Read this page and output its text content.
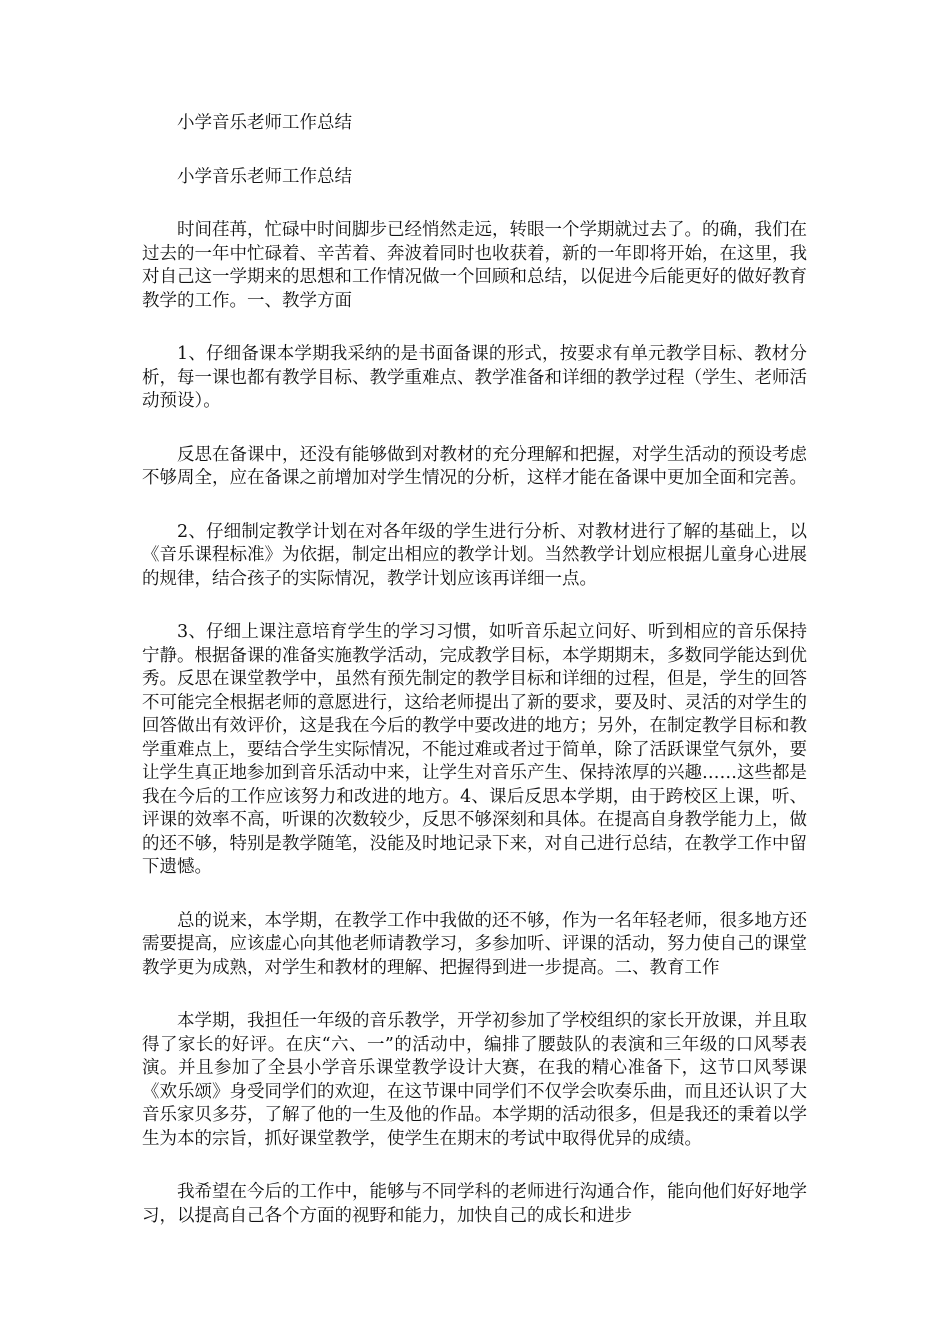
小学音乐老师工作总结

小学音乐老师工作总结

时间荏苒，忙碌中时间脚步已经悄然走远，转眼一个学期就过去了。的确，我们在过去的一年中忙碌着、辛苦着、奔波着同时也收获着，新的一年即将开始，在这里，我对自己这一学期来的思想和工作情况做一个回顾和总结，以促进今后能更好的做好教育教学的工作。一、教学方面

1、仔细备课本学期我采纳的是书面备课的形式，按要求有单元教学目标、教材分析，每一课也都有教学目标、教学重难点、教学准备和详细的教学过程（学生、老师活动预设）。

反思在备课中，还没有能够做到对教材的充分理解和把握，对学生活动的预设考虑不够周全，应在备课之前增加对学生情况的分析，这样才能在备课中更加全面和完善。

2、仔细制定教学计划在对各年级的学生进行分析、对教材进行了解的基础上，以《音乐课程标准》为依据，制定出相应的教学计划。当然教学计划应根据儿童身心进展的规律，结合孩子的实际情况，教学计划应该再详细一点。

3、仔细上课注意培育学生的学习习惯，如听音乐起立问好、听到相应的音乐保持宁静。根据备课的准备实施教学活动，完成教学目标，本学期期末，多数同学能达到优秀。反思在课堂教学中，虽然有预先制定的教学目标和详细的过程，但是，学生的回答不可能完全根据老师的意愿进行，这给老师提出了新的要求，要及时、灵活的对学生的回答做出有效评价，这是我在今后的教学中要改进的地方；另外，在制定教学目标和教学重难点上，要结合学生实际情况，不能过难或者过于简单，除了活跃课堂气氛外，要让学生真正地参加到音乐活动中来，让学生对音乐产生、保持浓厚的兴趣……这些都是我在今后的工作应该努力和改进的地方。4、课后反思本学期，由于跨校区上课，听、评课的效率不高，听课的次数较少，反思不够深刻和具体。在提高自身教学能力上，做的还不够，特别是教学随笔，没能及时地记录下来，对自己进行总结，在教学工作中留下遗憾。

总的说来，本学期，在教学工作中我做的还不够，作为一名年轻老师，很多地方还需要提高，应该虚心向其他老师请教学习，多参加听、评课的活动，努力使自己的课堂教学更为成熟，对学生和教材的理解、把握得到进一步提高。二、教育工作

本学期，我担任一年级的音乐教学，开学初参加了学校组织的家长开放课，并且取得了家长的好评。在庆“六、一”的活动中，编排了腰鼓队的表演和三年级的口风琴表演。并且参加了全县小学音乐课堂教学设计大赛，在我的精心准备下，这节口风琴课《欢乐颂》身受同学们的欢迎，在这节课中同学们不仅学会吹奏乐曲，而且还认识了大音乐家贝多芬，了解了他的一生及他的作品。本学期的活动很多，但是我还的秉着以学生为本的宗旨，抓好课堂教学，使学生在期末的考试中取得优异的成绩。

我希望在今后的工作中，能够与不同学科的老师进行沟通合作，能向他们好好地学习，以提高自己各个方面的视野和能力，加快自己的成长和进步
